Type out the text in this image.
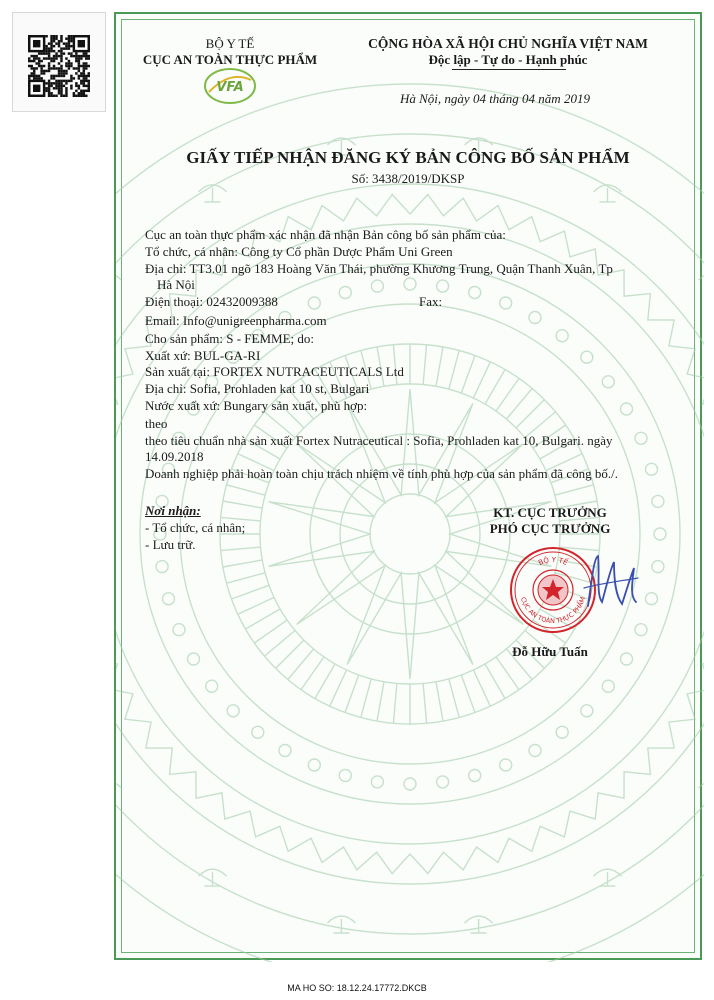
VFA
BỘ Y TẾ
CỤC AN TOÀN THỰC PHẨM
CỘNG HÒA XÃ HỘI CHỦ NGHĨA VIỆT NAM
Độc lập - Tự do - Hạnh phúc
Hà Nội, ngày 04 tháng 04 năm 2019
GIẤY TIẾP NHẬN ĐĂNG KÝ BẢN CÔNG BỐ SẢN PHẨM
Số: 3438/2019/DKSP
Cục an toàn thực phẩm xác nhận đã nhận Bản công bố sản phẩm của:
Tổ chức, cá nhân: Công ty Cổ phần Dược Phẩm Uni Green
Địa chỉ: TT3.01 ngõ 183 Hoàng Văn Thái, phường Khương Trung, Quận Thanh Xuân, Tp
Hà Nội
Điện thoại: 02432009388	Fax:
Email: Info@unigreenpharma.com
Cho sản phẩm: S - FEMME; do:
Xuất xứ: BUL-GA-RI
Sản xuất tại: FORTEX NUTRACEUTICALS Ltd
Địa chỉ: Sofia, Prohladen kat 10 st, Bulgari
Nước xuất xứ: Bungary sản xuất, phù hợp:
theo
theo tiêu chuẩn nhà sản xuất Fortex Nutraceutical : Sofia, Prohladen kat 10, Bulgari. ngày
14.09.2018
Doanh nghiệp phải hoàn toàn chịu trách nhiệm về tính phù hợp của sản phẩm đã công bố./.
Nơi nhận:
- Tổ chức, cá nhân;
- Lưu trữ.
KT. CỤC TRƯỞNG
PHÓ CỤC TRƯỞNG
BỘ Y TẾ
CỤC AN TOÀN THỰC PHẨM
Đỗ Hữu Tuấn
MA HO SO: 18.12.24.17772.DKCB
